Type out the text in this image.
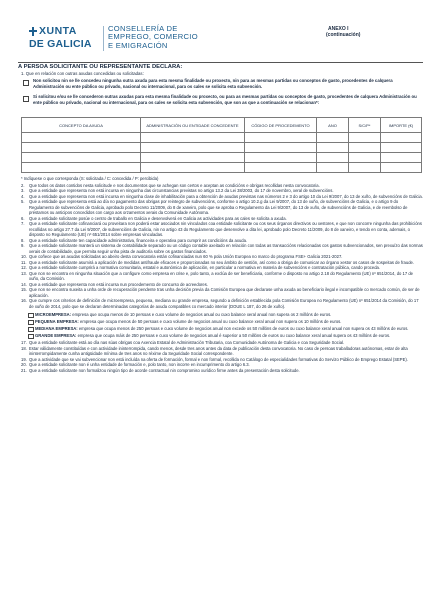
XUNTA
DE GALICIA
CONSELLERÍA DE
EMPREGO, COMERCIO
E EMIGRACIÓN
ANEXO I
(continuación)
A PERSOA SOLICITANTE OU REPRESENTANTE DECLARA:
1. Que en relación con outras axudas concedidas ou solicitadas:
Non solicitou nin se lle concedeu ningunha outra axuda para esta mesma finalidade ou proxecto, nin para as mesmas partidas ou conceptos de gasto, procedentes de calquera Administración ou ente público ou privado, nacional ou internacional, para os cales se solicita esta subvención.
Si solicitou e/ou se lle concederon outras axudas para esta mesma finalidade ou proxecto, ou para as mesmas partidas ou conceptos de gasto, procedentes de calquera Administración ou ente público ou privado, nacional ou internacional, para os cales se solicita esta subvención, que son as que a continuación se relacionan*:
CONCEPTO DA AXUDA	ADMINISTRACIÓN OU ENTIDADE CONCEDENTE	CÓDIGO DE PROCEDEMENTO	ANO	S/C/P*	IMPORTE (€)

* Indíquese o que corresponda (S: solicitada / C: concedida / P: percibida)
2.	Que todos os datos contidos nesta solicitude e nos documentos que se achegan son certos e aceptan as condicións e obrigas recollidas nesta convocatoria.
3.	Que a entidade que representa non está incursa en ningunha das circunstancias previstas no artigo 13.2 da Lei 38/2003, do 17 de novembro, xeral de subvencións.
4.	Que a entidade que representa non está incursa en ningunha clase de inhabilitación para a obtención de axudas previstas nas números 2 e 3 do artigo 10 da Lei 9/2007, do 13 de xuño, de subvencións de Galicia.
5.	Que a entidade que representa está ao día no pagamento das obrigas por reintegro de subvencións, conforme o artigo 10.2.g da Lei 9/2007, do 13 de xuño, de subvencións de Galicia, e o artigo 9 do Regulamento de subvencións de Galicia, aprobado polo Decreto 11/2009, do 8 de xaneiro, polo que se aproba o Regulamento da Lei 9/2007, do 13 de xuño, de subvencións de Galicia, e de reembolso de préstamos ou anticipos concedidos con cargo aos orzamentos xerais da Comunidade Autónoma.
6.	Que a entidade solicitante posúe o centro de traballo en Galicia e desenvolverá en Galicia as actividades para as cales se solicita a axuda.
7.	Que a entidade solicitante cofinanciará ou proveitara non poderá estar asociados nin vinculados coa entidade solicitante ou cos seus órganos directivos ou xestores, e que non concorre ningunha das prohibicións recollidas no artigo 27.7 da Lei 9/2007, de subvencións de Galicia, nin no artigo 43 do Regulamento que desenvolve a dita lei, aprobado polo Decreto 11/2009, do 8 de xaneiro, e tendo en conta, ademais, o disposto no Regulamento (UE) nº 651/2014 sobre empresas vinculadas.
8.	Que a entidade solicitante ten capacidade administrativa, financeira e operativa para cumprir as condicións da axuda.
9.	Que a entidade solicitante manterá un sistema de contabilidade separado ou un código contable axeitado en relación con todas as transaccións relacionadas cos gastos subvencionados, sen prexuízo das normas xerais de contabilidade, que permita seguir unha pista de auditoría sobre os gastos financiados.
10. Que coñece que as axudas solicitadas ao abeiro desta convocatoria están cofinanciadas nun 60 % pola Unión Europea no marco do programa FSE+ Galicia 2021-2027.
11. Que a entidade solicitante asumirá a aplicación de medidas antifraude eficaces e proporcionadas no seu ámbito de xestión, así como a obriga de comunicar ao órgano xestor os casos de sospeitas de fraude.
12. Que a entidade solicitante cumprirá a normativa comunitaria, estatal e autonómica de aplicación, en particular a normativa en materia de subvencións e contratación pública, cando proceda.
13. Que non se encontra en ningunha situación que a configure como empresa en crise e, polo tanto, a exclúa de ser beneficiaria, conforme o disposto no artigo 2.18 do Regulamento (UE) nº 651/2014, do 17 de xuño, da Comisión.
14. Que a entidade que representa non está incursa nun procedemento de concurso de acreedores.
15. Que non se encontra suxeita a unha orde de recuperación pendente tras unha decisión previa da Comisión Europea que declarase unha axuda ao beneficiario ilegal e incompatible co mercado común, de ser de aplicación.
16. Que cumpre cos criterios de definición de microempresa, pequena, mediana ou grande empresa, segundo a definición establecida pola Comisión Europea no Regulamento (UE) nº 651/2014 da Comisión, do 17 de xuño de 2014, polo que se declaran determinadas categorías de axuda compatibles co mercado interior (DOUE L 187, do 26 de xuño).
MICROEMPRESA: empresa que ocupa menos de 10 persoas e cuxo volume de negocios anual ou cuxo balance xeral anual non supera os 2 millóns de euros.
PEQUENA EMPRESA: empresa que ocupa menos de 50 persoas e cuxo volume de negocios anual ou cuxo balance xeral anual non supera os 10 millóns de euros.
MEDIANA EMPRESA: empresa que ocupa menos de 250 persoas e cuxo volume de negocios anual non excede os 50 millóns de euros ou cuxo balance xeral anual non supera os 43 millóns de euros.
GRANDE EMPRESA: empresa que ocupa máis de 250 persoas e cuxo volume de negocios anual é superior a 50 millóns de euros ou cuxo balance xeral anual supera os 43 millóns de euros.
17. Que a entidade solicitante está ao día nas súas obrigas coa Axencia Estatal de Administración Tributaria, coa Comunidade Autónoma de Galicia e coa Seguridade Social.
18. Estar válidamente constituídas e con actividade ininterrompida, cando menos, desde tres anos antes da data de publicación desta convocatoria. No caso de persoas traballadoras autónomas, estar de alta ininterrompidamente cunha antigüidade mínima de tres anos no réxime da Seguridade Social correspondente.
19. Que a actividade que se vai subvencionar non está incluída na oferta de formación, formal e non formal, recollida no Catálogo de especialidades formativas do Servizo Público de Emprego Estatal (SEPE).
20. Que a entidade solicitante non é unha entidade de formación e, polo tanto, non incorre en incumprimento do artigo 6.3.
21. Que a entidade solicitante non formalizou ningún tipo de acorde contractual nin compromiso xurídico firme antes da presentación desta solicitude.
